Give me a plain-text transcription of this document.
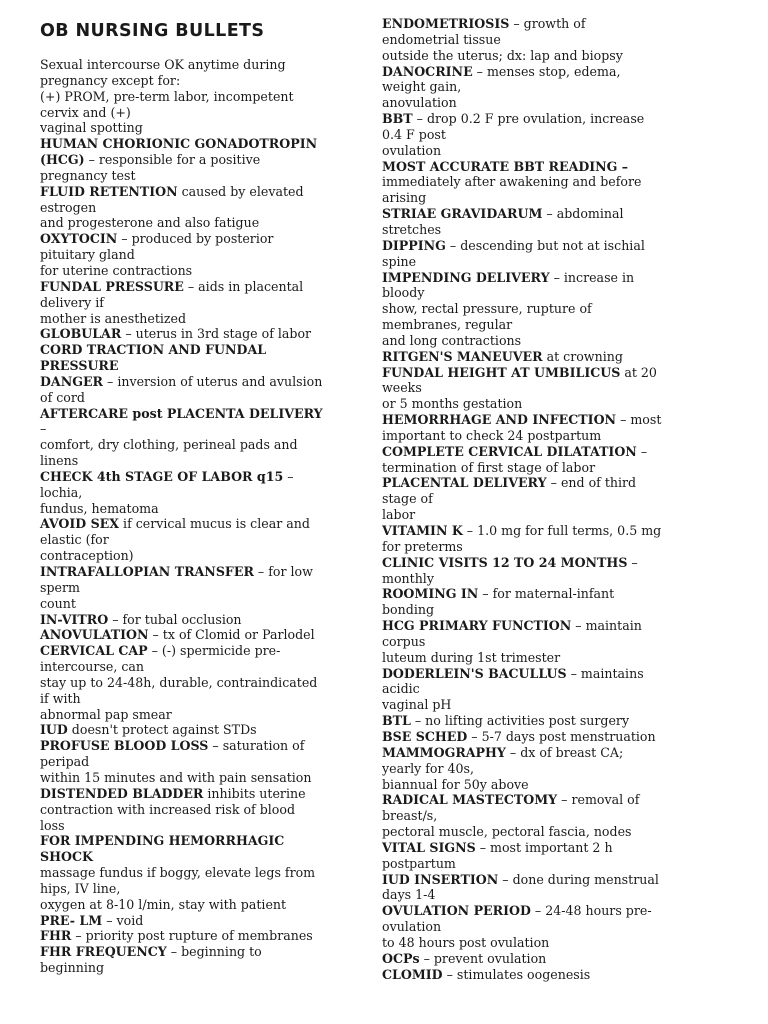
OB NURSING BULLETS
Sexual intercourse OK anytime during
pregnancy except for:
(+) PROM, pre-term labor, incompetent
cervix and (+)
vaginal spotting
HUMAN CHORIONIC GONADOTROPIN
(HCG) – responsible for a positive
pregnancy test
FLUID RETENTION caused by elevated
estrogen
and progesterone and also fatigue
OXYTOCIN – produced by posterior
pituitary gland
for uterine contractions
FUNDAL PRESSURE – aids in placental
delivery if
mother is anesthetized
GLOBULAR – uterus in 3rd stage of labor
CORD TRACTION AND FUNDAL
PRESSURE
DANGER – inversion of uterus and avulsion
of cord
AFTERCARE post PLACENTA DELIVERY
–
comfort, dry clothing, perineal pads and
linens
CHECK 4th STAGE OF LABOR q15 –
lochia,
fundus, hematoma
AVOID SEX if cervical mucus is clear and
elastic (for
contraception)
INTRAFALLOPIAN TRANSFER – for low
sperm
count
IN-VITRO – for tubal occlusion
ANOVULATION – tx of Clomid or Parlodel
CERVICAL CAP – (-) spermicide pre-
intercourse, can
stay up to 24-48h, durable, contraindicated
if with
abnormal pap smear
IUD doesn't protect against STDs
PROFUSE BLOOD LOSS – saturation of
peripad
within 15 minutes and with pain sensation
DISTENDED BLADDER inhibits uterine
contraction with increased risk of blood
loss
FOR IMPENDING HEMORRHAGIC
SHOCK
massage fundus if boggy, elevate legs from
hips, IV line,
oxygen at 8-10 l/min, stay with patient
PRE- LM – void
FHR – priority post rupture of membranes
FHR FREQUENCY – beginning to
beginning
ENDOMETRIOSIS – growth of
endometrial tissue
outside the uterus; dx: lap and biopsy
DANOCRINE – menses stop, edema,
weight gain,
anovulation
BBT – drop 0.2 F pre ovulation, increase
0.4 F post
ovulation
MOST ACCURATE BBT READING –
immediately after awakening and before
arising
STRIAE GRAVIDARUM – abdominal
stretches
DIPPING – descending but not at ischial
spine
IMPENDING DELIVERY – increase in
bloody
show, rectal pressure, rupture of
membranes, regular
and long contractions
RITGEN'S MANEUVER at crowning
FUNDAL HEIGHT AT UMBILICUS at 20
weeks
or 5 months gestation
HEMORRHAGE AND INFECTION – most
important to check 24 postpartum
COMPLETE CERVICAL DILATATION –
termination of first stage of labor
PLACENTAL DELIVERY – end of third
stage of
labor
VITAMIN K – 1.0 mg for full terms, 0.5 mg
for preterms
CLINIC VISITS 12 TO 24 MONTHS –
monthly
ROOMING IN – for maternal-infant
bonding
HCG PRIMARY FUNCTION – maintain
corpus
luteum during 1st trimester
DODERLEIN'S BACULLUS – maintains
acidic
vaginal pH
BTL – no lifting activities post surgery
BSE SCHED – 5-7 days post menstruation
MAMMOGRAPHY – dx of breast CA;
yearly for 40s,
biannual for 50y above
RADICAL MASTECTOMY – removal of
breast/s,
pectoral muscle, pectoral fascia, nodes
VITAL SIGNS – most important 2 h
postpartum
IUD INSERTION – done during menstrual
days 1-4
OVULATION PERIOD – 24-48 hours pre-
ovulation
to 48 hours post ovulation
OCPs – prevent ovulation
CLOMID – stimulates oogenesis
